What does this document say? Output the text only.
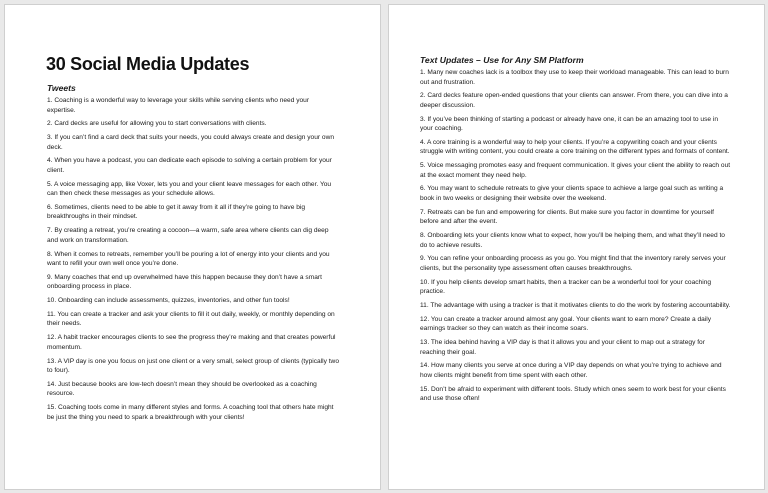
30 Social Media Updates
Tweets
1. Coaching is a wonderful way to leverage your skills while serving clients who need your expertise.
2. Card decks are useful for allowing you to start conversations with clients.
3. If you can’t find a card deck that suits your needs, you could always create and design your own deck.
4. When you have a podcast, you can dedicate each episode to solving a certain problem for your client.
5. A voice messaging app, like Voxer, lets you and your client leave messages for each other. You can then check these messages as your schedule allows.
6. Sometimes, clients need to be able to get it away from it all if they’re going to have big breakthroughs in their mindset.
7. By creating a retreat, you’re creating a cocoon—a warm, safe area where clients can dig deep and work on transformation.
8. When it comes to retreats, remember you’ll be pouring a lot of energy into your clients and you want to refill your own well once you’re done.
9. Many coaches that end up overwhelmed have this happen because they don’t have a smart onboarding process in place.
10. Onboarding can include assessments, quizzes, inventories, and other fun tools!
11. You can create a tracker and ask your clients to fill it out daily, weekly, or monthly depending on their needs.
12. A habit tracker encourages clients to see the progress they’re making and that creates powerful momentum.
13. A VIP day is one you focus on just one client or a very small, select group of clients (typically two to four).
14. Just because books are low-tech doesn’t mean they should be overlooked as a coaching resource.
15. Coaching tools come in many different styles and forms. A coaching tool that others hate might be just the thing you need to spark a breakthrough with your clients!
Text Updates – Use for Any SM Platform
1. Many new coaches lack is a toolbox they use to keep their workload manageable. This can lead to burn out and frustration.
2. Card decks feature open-ended questions that your clients can answer. From there, you can dive into a deeper discussion.
3. If you’ve been thinking of starting a podcast or already have one, it can be an amazing tool to use in your coaching.
4. A core training is a wonderful way to help your clients. If you’re a copywriting coach and your clients struggle with writing content, you could create a core training on the different types and formats of content.
5. Voice messaging promotes easy and frequent communication. It gives your client the ability to reach out at the exact moment they need help.
6. You may want to schedule retreats to give your clients space to achieve a large goal such as writing a book in two weeks or designing their website over the weekend.
7. Retreats can be fun and empowering for clients. But make sure you factor in downtime for yourself before and after the event.
8. Onboarding lets your clients know what to expect, how you’ll be helping them, and what they’ll need to do to achieve results.
9. You can refine your onboarding process as you go. You might find that the inventory rarely serves your clients, but the personality type assessment often causes breakthroughs.
10. If you help clients develop smart habits, then a tracker can be a wonderful tool for your coaching practice.
11. The advantage with using a tracker is that it motivates clients to do the work by fostering accountability.
12. You can create a tracker around almost any goal. Your clients want to earn more? Create a daily earnings tracker so they can watch as their income soars.
13. The idea behind having a VIP day is that it allows you and your client to map out a strategy for reaching their goal.
14. How many clients you serve at once during a VIP day depends on what you’re trying to achieve and how clients might benefit from time spent with each other.
15. Don’t be afraid to experiment with different tools. Study which ones seem to work best for your clients and use those often!
